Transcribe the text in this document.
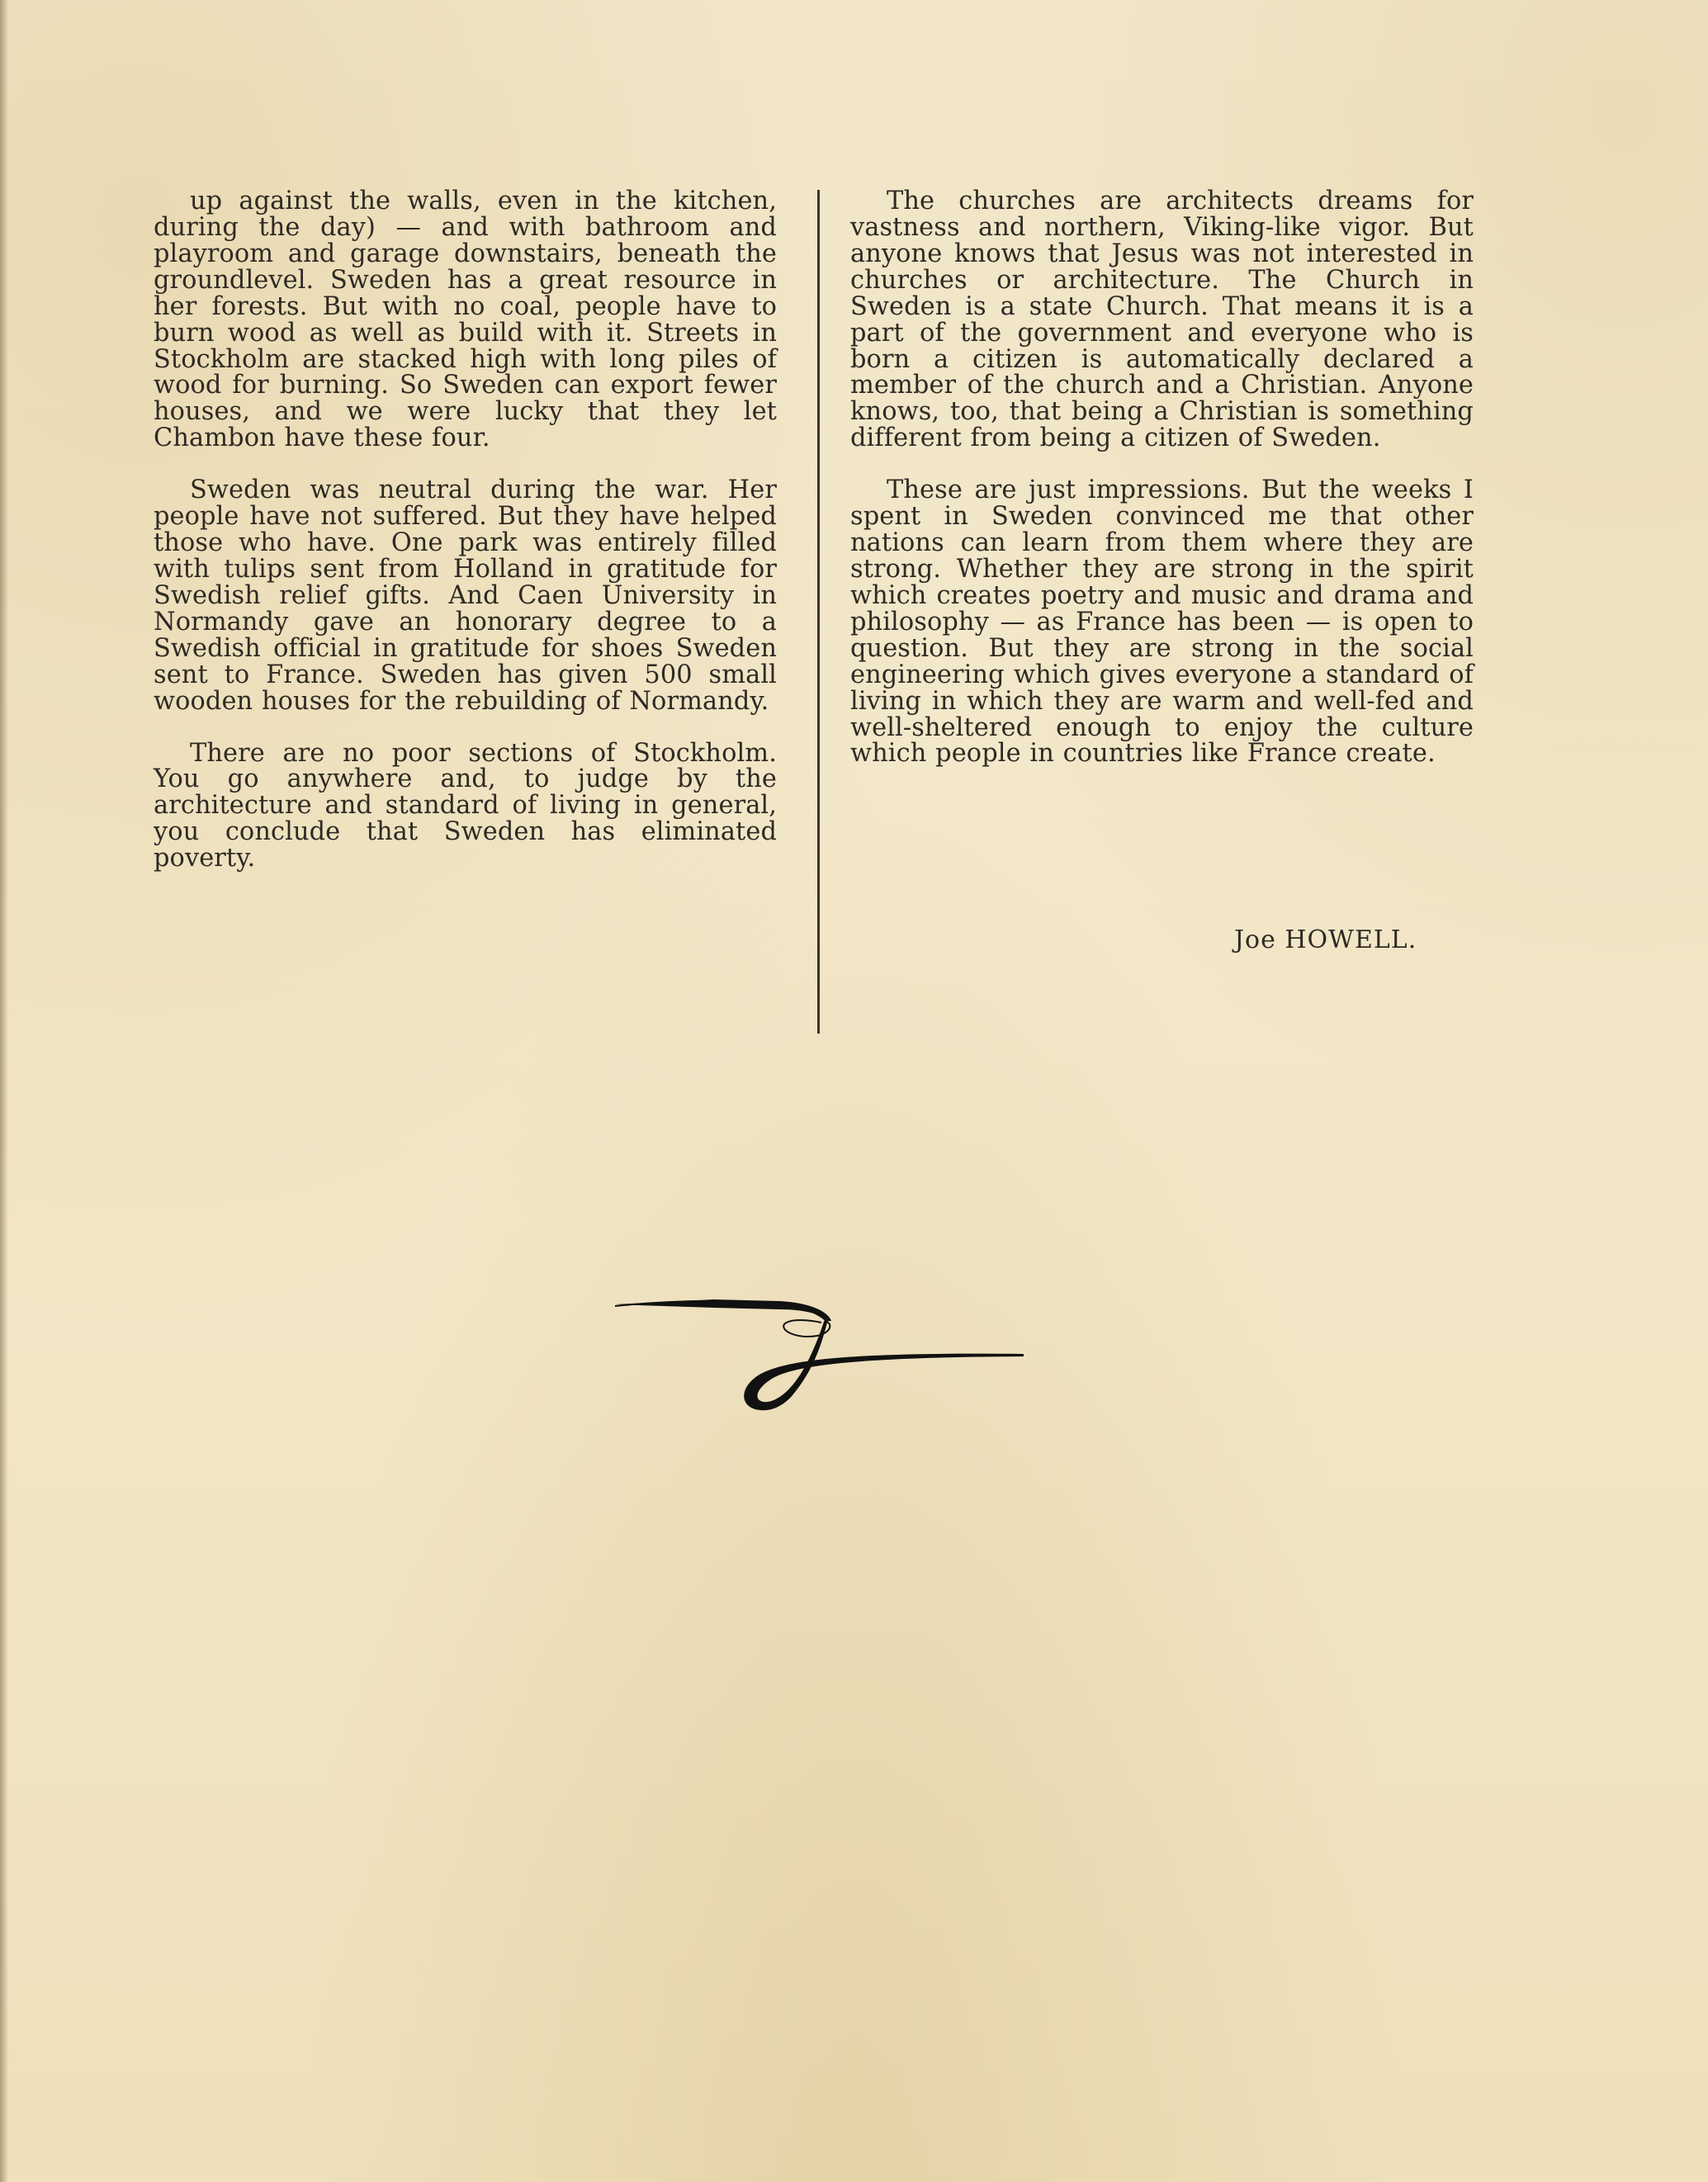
up against the walls, even in the kitchen, during the day) — and with bathroom and playroom and garage downstairs, beneath the groundlevel. Sweden has a great resource in her forests. But with no coal, people have to burn wood as well as build with it. Streets in Stockholm are stacked high with long piles of wood for burning. So Sweden can export fewer houses, and we were lucky that they let Chambon have these four.

Sweden was neutral during the war. Her people have not suffered. But they have helped those who have. One park was entirely filled with tulips sent from Holland in gratitude for Swedish relief gifts. And Caen University in Normandy gave an honorary degree to a Swedish official in gratitude for shoes Sweden sent to France. Sweden has given 500 small wooden houses for the rebuilding of Normandy.

There are no poor sections of Stockholm. You go anywhere and, to judge by the architecture and standard of living in general, you conclude that Sweden has eliminated poverty.

The churches are architects dreams for vastness and northern, Viking-like vigor. But anyone knows that Jesus was not interested in churches or architecture. The Church in Sweden is a state Church. That means it is a part of the government and everyone who is born a citizen is automatically declared a member of the church and a Christian. Anyone knows, too, that being a Christian is something different from being a citizen of Sweden.

These are just impressions. But the weeks I spent in Sweden convinced me that other nations can learn from them where they are strong. Whether they are strong in the spirit which creates poetry and music and drama and philosophy — as France has been — is open to question. But they are strong in the social engineering which gives everyone a standard of living in which they are warm and well-fed and well-sheltered enough to enjoy the culture which people in countries like France create.

Joe HOWELL.
